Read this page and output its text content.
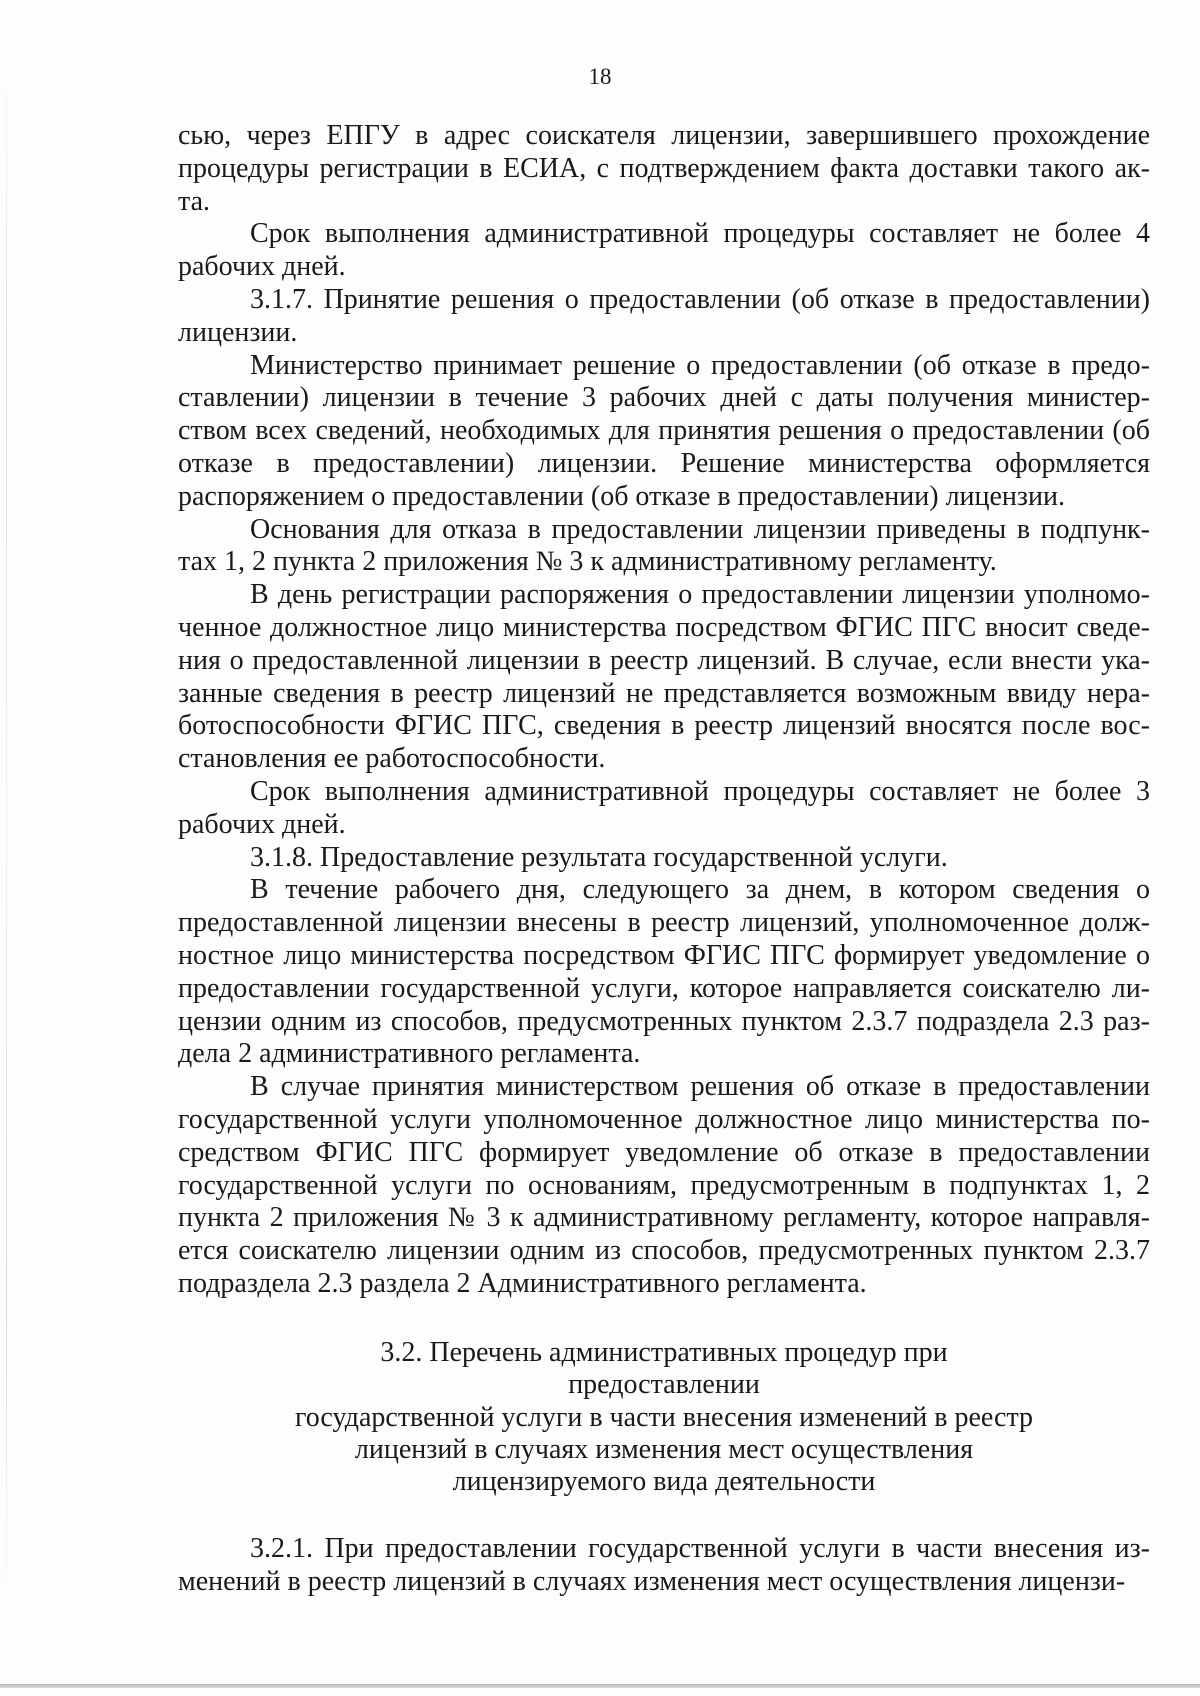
18

сью, через ЕПГУ в адрес соискателя лицензии, завершившего прохождение процедуры регистрации в ЕСИА, с подтверждением факта доставки такого ак-та.

Срок выполнения административной процедуры составляет не более 4 рабочих дней.

3.1.7. Принятие решения о предоставлении (об отказе в предоставлении) лицензии.

Министерство принимает решение о предоставлении (об отказе в предо-ставлении) лицензии в течение 3 рабочих дней с даты получения министер-ством всех сведений, необходимых для принятия решения о предоставлении (об отказе в предоставлении) лицензии. Решение министерства оформляется распоряжением о предоставлении (об отказе в предоставлении) лицензии.

Основания для отказа в предоставлении лицензии приведены в подпунк-тах 1, 2 пункта 2 приложения № 3 к административному регламенту.

В день регистрации распоряжения о предоставлении лицензии уполномо-ченное должностное лицо министерства посредством ФГИС ПГС вносит сведе-ния о предоставленной лицензии в реестр лицензий. В случае, если внести ука-занные сведения в реестр лицензий не представляется возможным ввиду нера-ботоспособности ФГИС ПГС, сведения в реестр лицензий вносятся после вос-становления ее работоспособности.

Срок выполнения административной процедуры составляет не более 3 рабочих дней.

3.1.8. Предоставление результата государственной услуги.

В течение рабочего дня, следующего за днем, в котором сведения о предоставленной лицензии внесены в реестр лицензий, уполномоченное долж-ностное лицо министерства посредством ФГИС ПГС формирует уведомление о предоставлении государственной услуги, которое направляется соискателю ли-цензии одним из способов, предусмотренных пунктом 2.3.7 подраздела 2.3 раз-дела 2 административного регламента.

В случае принятия министерством решения об отказе в предоставлении государственной услуги уполномоченное должностное лицо министерства по-средством ФГИС ПГС формирует уведомление об отказе в предоставлении государственной услуги по основаниям, предусмотренным в подпунктах 1, 2 пункта 2 приложения № 3 к административному регламенту, которое направля-ется соискателю лицензии одним из способов, предусмотренных пунктом 2.3.7 подраздела 2.3 раздела 2 Административного регламента.

3.2. Перечень административных процедур при предоставлении
государственной услуги в части внесения изменений в реестр
лицензий в случаях изменения мест осуществления
лицензируемого вида деятельности

3.2.1. При предоставлении государственной услуги в части внесения из-менений в реестр лицензий в случаях изменения мест осуществления лицензи-
